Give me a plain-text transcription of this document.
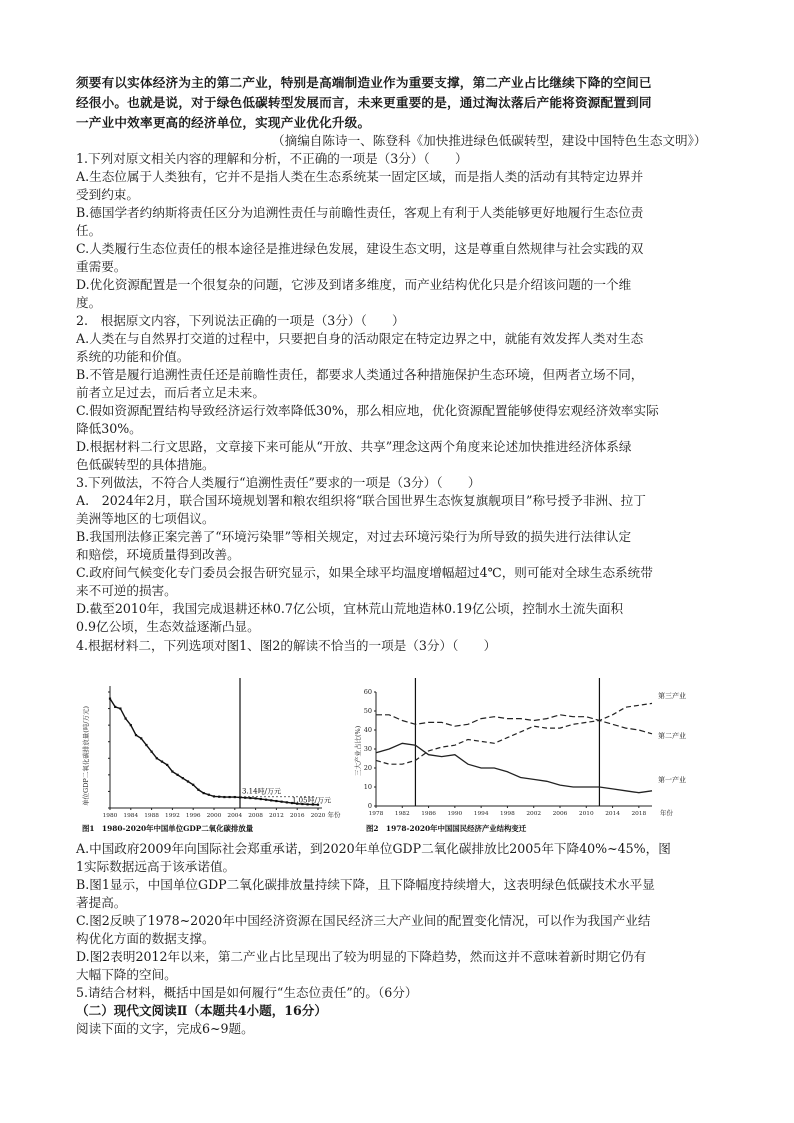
须要有以实体经济为主的第二产业，特别是高端制造业作为重要支撑，第二产业占比继续下降的空间已
经很小。也就是说，对于绿色低碳转型发展而言，未来更重要的是，通过淘汰落后产能将资源配置到同
一产业中效率更高的经济单位，实现产业优化升级。
（摘编自陈诗一、陈登科《加快推进绿色低碳转型，建设中国特色生态文明》）
1.下列对原文相关内容的理解和分析，不正确的一项是（3分）（　　）
A.生态位属于人类独有，它并不是指人类在生态系统某一固定区域，而是指人类的活动有其特定边界并
受到约束。
B.德国学者约纳斯将责任区分为追溯性责任与前瞻性责任，客观上有利于人类能够更好地履行生态位责
任。
C.人类履行生态位责任的根本途径是推进绿色发展，建设生态文明，这是尊重自然规律与社会实践的双
重需要。
D.优化资源配置是一个很复杂的问题，它涉及到诸多维度，而产业结构优化只是介绍该问题的一个维
度。
2.　根据原文内容，下列说法正确的一项是（3分）（　　）
A.人类在与自然界打交道的过程中，只要把自身的活动限定在特定边界之中，就能有效发挥人类对生态
系统的功能和价值。
B.不管是履行追溯性责任还是前瞻性责任，都要求人类通过各种措施保护生态环境，但两者立场不同，
前者立足过去，而后者立足未来。
C.假如资源配置结构导致经济运行效率降低30%，那么相应地，优化资源配置能够使得宏观经济效率实际
降低30%。
D.根据材料二行文思路，文章接下来可能从“开放、共享”理念这两个角度来论述加快推进经济体系绿
色低碳转型的具体措施。
3.下列做法，不符合人类履行“追溯性责任”要求的一项是（3分）（　　）
A.　2024年2月，联合国环境规划署和粮农组织将“联合国世界生态恢复旗舰项目”称号授予非洲、拉丁
美洲等地区的七项倡议。
B.我国刑法修正案完善了“环境污染罪”等相关规定，对过去环境污染行为所导致的损失进行法律认定
和赔偿，环境质量得到改善。
C.政府间气候变化专门委员会报告研究显示，如果全球平均温度增幅超过4℃，则可能对全球生态系统带
来不可逆的损害。
D.截至2010年，我国完成退耕还林0.7亿公顷，宜林荒山荒地造林0.19亿公顷，控制水土流失面积
0.9亿公顷，生态效益逐渐凸显。
4.根据材料二，下列选项对图1、图2的解读不恰当的一项是（3分）（　　）
1980 1984 1988 1992 1996 2000 2004 2008 2012 2016 2020 年份
单位GDP二氧化碳排放量(吨/万元)	3.14吨/万元
1.05吨/万元
图1　1980-2020年中国单位GDP二氧化碳排放量
0
10
20
30
40
50
60
1978 1982 1986 1990 1994 1998 2002 2006 2010 2014 2018 年份
三大产业占比(%)
第三产业
第二产业
第一产业
图2　1978-2020年中国国民经济产业结构变迁
A.中国政府2009年向国际社会郑重承诺，到2020年单位GDP二氧化碳排放比2005年下降40%~45%，图
1实际数据远高于该承诺值。
B.图1显示，中国单位GDP二氧化碳排放量持续下降，且下降幅度持续增大，这表明绿色低碳技术水平显
著提高。
C.图2反映了1978~2020年中国经济资源在国民经济三大产业间的配置变化情况，可以作为我国产业结
构优化方面的数据支撑。
D.图2表明2012年以来，第二产业占比呈现出了较为明显的下降趋势，然而这并不意味着新时期它仍有
大幅下降的空间。
5.请结合材料，概括中国是如何履行“生态位责任”的。（6分）
（二）现代文阅读Ⅱ（本题共4小题，16分）
阅读下面的文字，完成6~9题。
